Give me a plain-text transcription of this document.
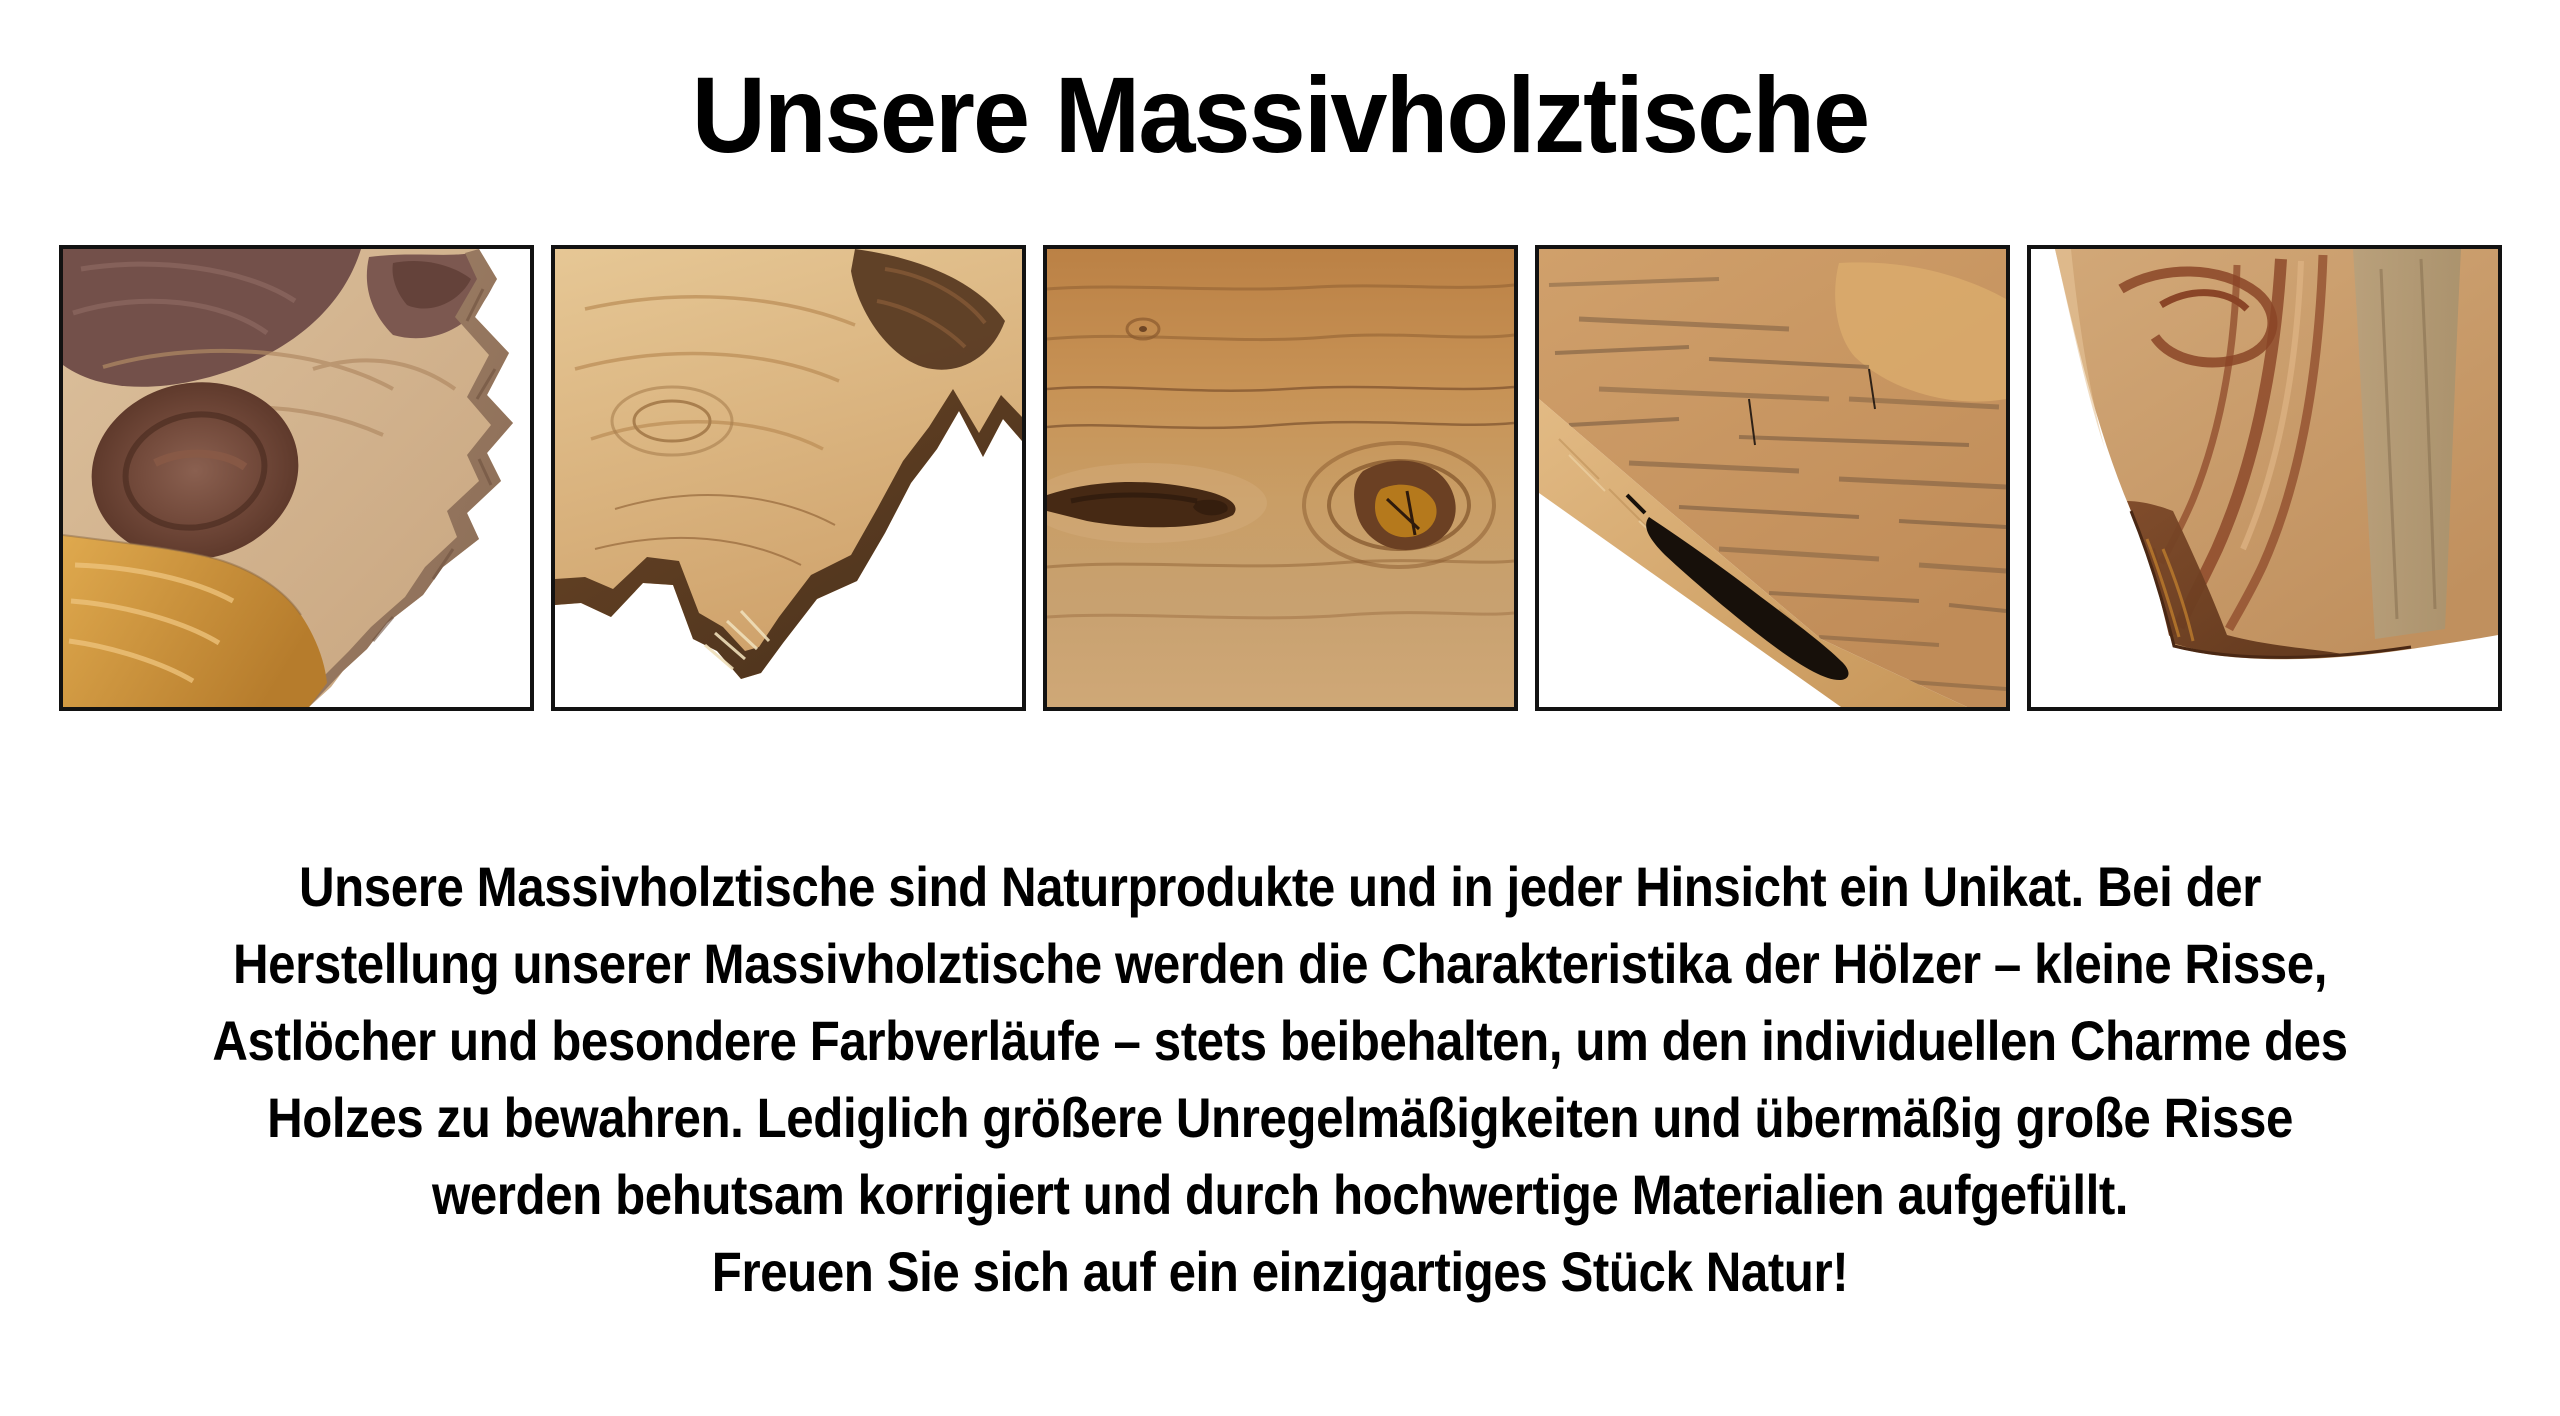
Unsere Massivholztische
Unsere Massivholztische sind Naturprodukte und in jeder Hinsicht ein Unikat. Bei der
Herstellung unserer Massivholztische werden die Charakteristika der Hölzer – kleine Risse,
Astlöcher und besondere Farbverläufe – stets beibehalten, um den individuellen Charme des
Holzes zu bewahren. Lediglich größere Unregelmäßigkeiten und übermäßig große Risse
werden behutsam korrigiert und durch hochwertige Materialien aufgefüllt.
Freuen Sie sich auf ein einzigartiges Stück Natur!
